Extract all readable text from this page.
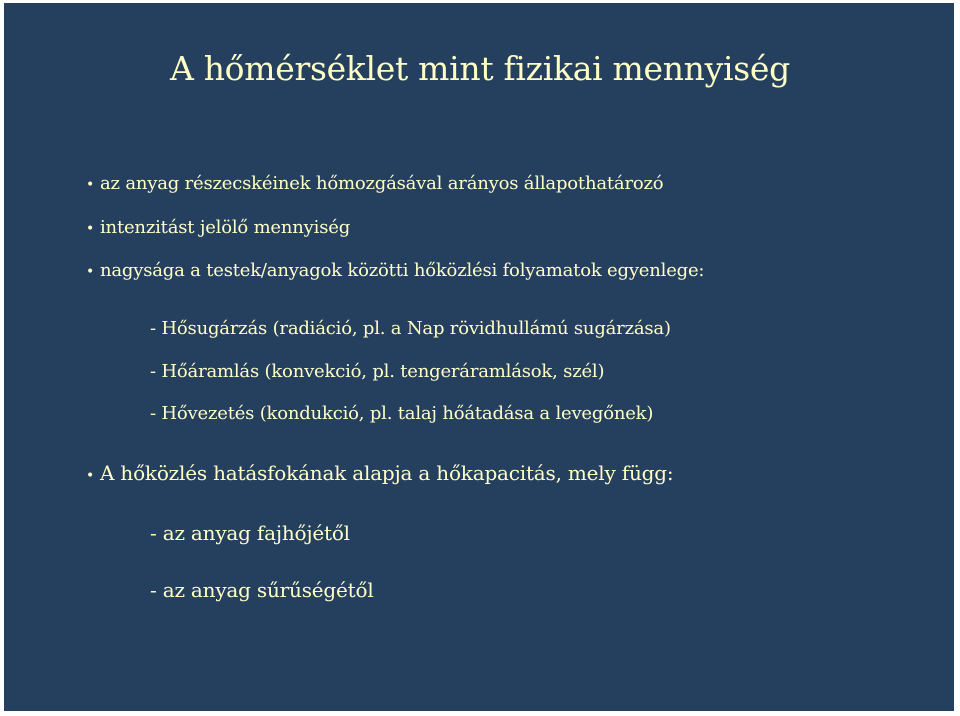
A hőmérséklet mint fizikai mennyiség
• az anyag részecskéinek hőmozgásával arányos állapothatározó
• intenzitást jelölő mennyiség
• nagysága a testek/anyagok közötti hőközlési folyamatok egyenlege:
- Hősugárzás (radiáció, pl. a Nap rövidhullámú sugárzása)
- Hőáramlás (konvekció, pl. tengeráramlások, szél)
- Hővezetés (kondukció, pl. talaj hőátadása a levegőnek)
• A hőközlés hatásfokának alapja a hőkapacitás, mely függ:
- az anyag fajhőjétől
- az anyag sűrűségétől
